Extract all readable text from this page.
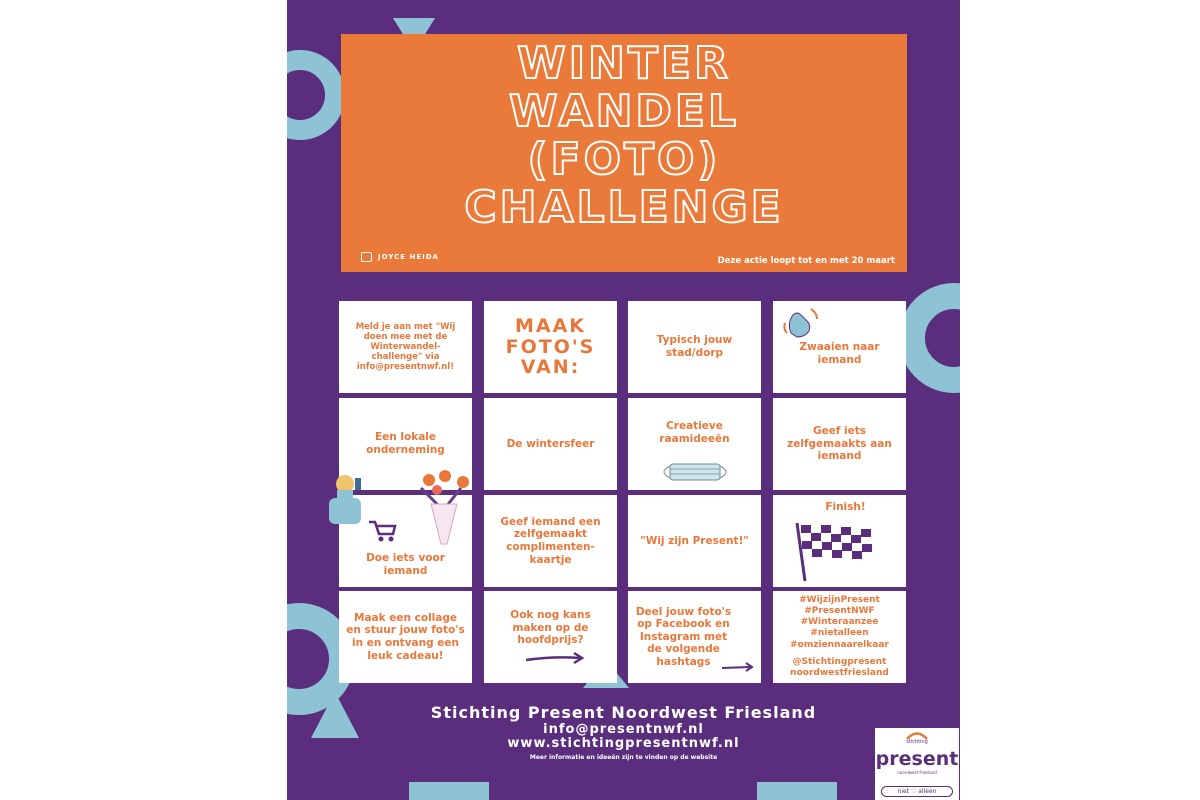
WINTER
WANDEL
(FOTO)
CHALLENGE
JOYCE HEIDA	Deze actie loopt tot en met 20 maart
Meld je aan met "Wij doen mee met de Winterwandel-challenge" via info@presentnwf.nl!
MAAK FOTO'S VAN:
Typisch jouw stad/dorp	Zwaaien naar iemand
Een lokale onderneming
De wintersfeer
Creatieve raamideeën
Geef iets zelfgemaakts aan iemand
Doe iets voor iemand
Geef iemand een zelfgemaakt complimenten-kaartje
"Wij zijn Present!"
Finish!
Maak een collage en stuur jouw foto's in en ontvang een leuk cadeau!
Ook nog kans maken op de hoofdprijs?
Deel jouw foto's op Facebook en Instagram met de volgende hashtags
#WijzijnPresent
#PresentNWF
#Winteraanzee
#nietalleen
#omziennaarelkaar
@Stichtingpresent noordwestfriesland
Stichting Present Noordwest Friesland
info@presentnwf.nl
www.stichtingpresentnwf.nl
Meer informatie en ideeën zijn te vinden op de website
stichting
present
noordwest friesland
niet ♡ alleen
